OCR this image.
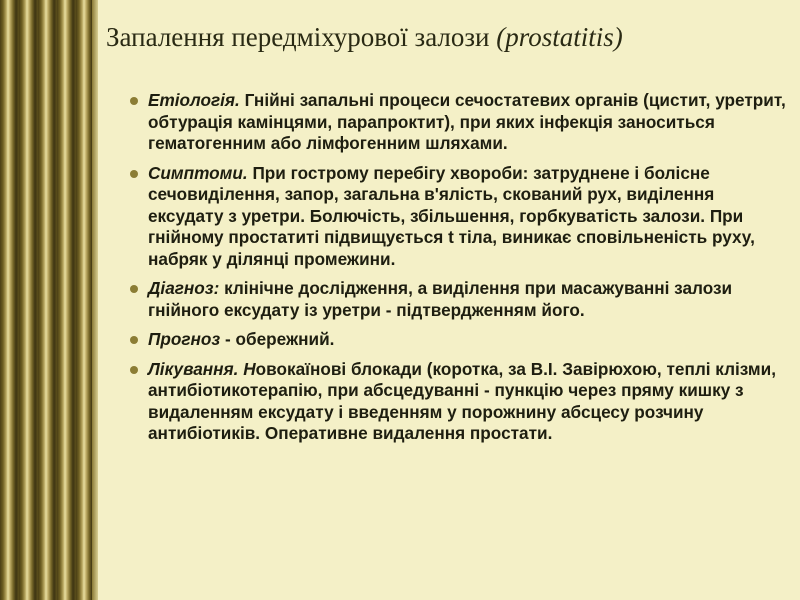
Запалення передміхурової залози (prostatitis)
Етіологія. Гнійні запальні процеси сечостатевих органів (цистит, уретрит, обтурація камінцями, парапроктит), при яких інфекція заноситься гематогенним або лімфогенним шляхами.
Симптоми. При гострому перебігу хвороби: затруднене і болісне сечовиділення, запор, загальна в'ялість, скований рух, виділення ексудату з уретри. Болючість, збільшення, горбкуватість залози. При гнійному простатиті підвищується t тіла, виникає сповільненість руху, набряк у ділянці промежини.
Діагноз: клінічне дослідження, а виділення при масажуванні залози гнійного ексудату із уретри - підтвердженням його.
Прогноз - обережний.
Лікування. Новокаїнові блокади (коротка, за В.І. Завірюхою, теплі клізми, антибіотикотерапію, при абсцедуванні - пункцію через пряму кишку з видаленням ексудату і введенням у порожнину абсцесу розчину антибіотиків. Оперативне видалення простати.
